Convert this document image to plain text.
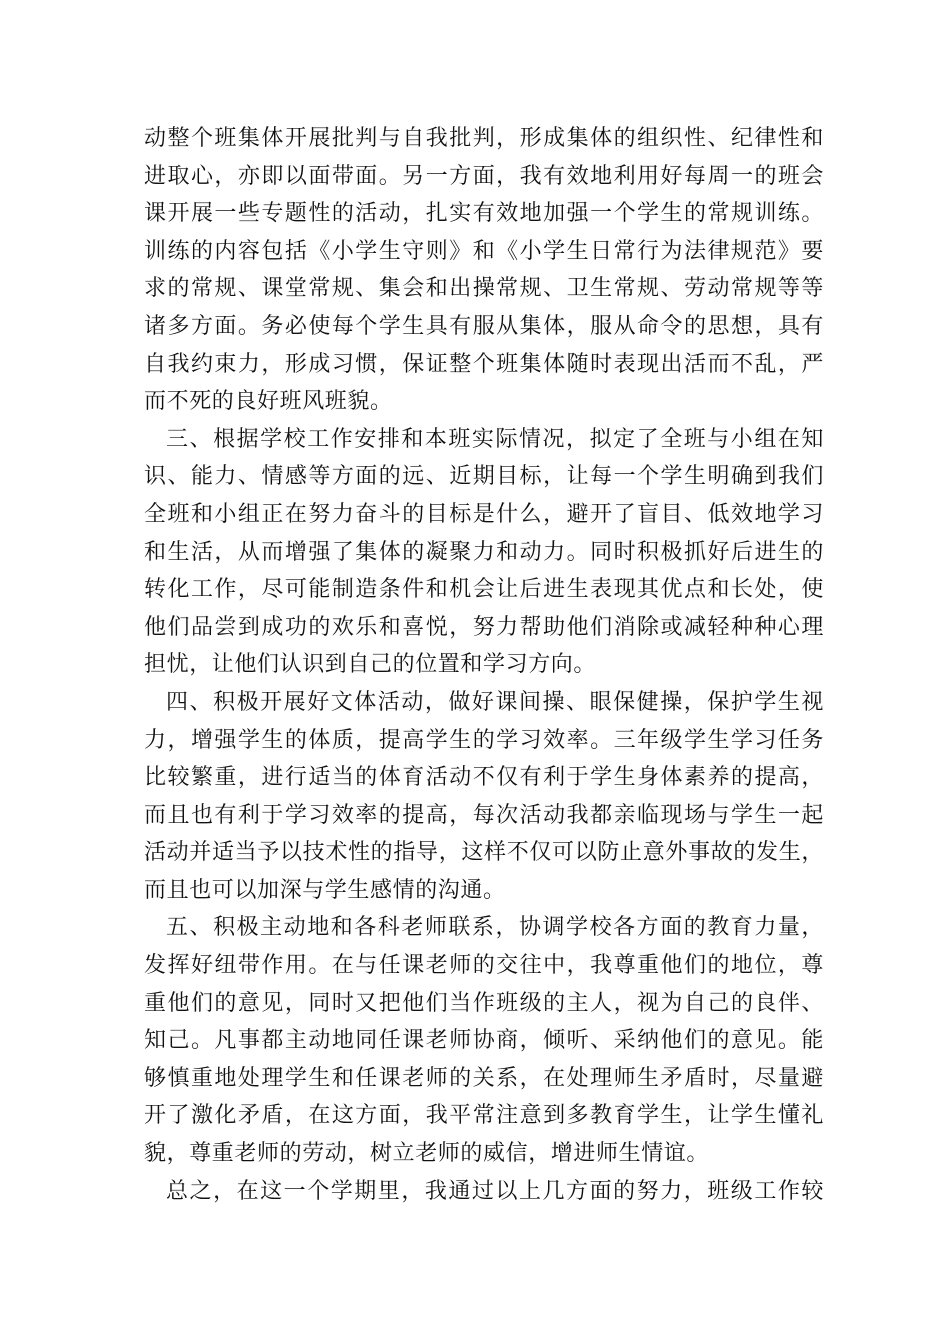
动整个班集体开展批判与自我批判，形成集体的组织性、纪律性和
进取心，亦即以面带面。另一方面，我有效地利用好每周一的班会
课开展一些专题性的活动，扎实有效地加强一个学生的常规训练。
训练的内容包括《小学生守则》和《小学生日常行为法律规范》要
求的常规、课堂常规、集会和出操常规、卫生常规、劳动常规等等
诸多方面。务必使每个学生具有服从集体，服从命令的思想，具有
自我约束力，形成习惯，保证整个班集体随时表现出活而不乱，严
而不死的良好班风班貌。
三、根据学校工作安排和本班实际情况，拟定了全班与小组在知
识、能力、情感等方面的远、近期目标，让每一个学生明确到我们
全班和小组正在努力奋斗的目标是什么，避开了盲目、低效地学习
和生活，从而增强了集体的凝聚力和动力。同时积极抓好后进生的
转化工作，尽可能制造条件和机会让后进生表现其优点和长处，使
他们品尝到成功的欢乐和喜悦，努力帮助他们消除或减轻种种心理
担忧，让他们认识到自己的位置和学习方向。
四、积极开展好文体活动，做好课间操、眼保健操，保护学生视
力，增强学生的体质，提高学生的学习效率。三年级学生学习任务
比较繁重，进行适当的体育活动不仅有利于学生身体素养的提高，
而且也有利于学习效率的提高，每次活动我都亲临现场与学生一起
活动并适当予以技术性的指导，这样不仅可以防止意外事故的发生，
而且也可以加深与学生感情的沟通。
五、积极主动地和各科老师联系，协调学校各方面的教育力量，
发挥好纽带作用。在与任课老师的交往中，我尊重他们的地位，尊
重他们的意见，同时又把他们当作班级的主人，视为自己的良伴、
知己。凡事都主动地同任课老师协商，倾听、采纳他们的意见。能
够慎重地处理学生和任课老师的关系，在处理师生矛盾时，尽量避
开了激化矛盾，在这方面，我平常注意到多教育学生，让学生懂礼
貌，尊重老师的劳动，树立老师的威信，增进师生情谊。
总之，在这一个学期里，我通过以上几方面的努力，班级工作较
